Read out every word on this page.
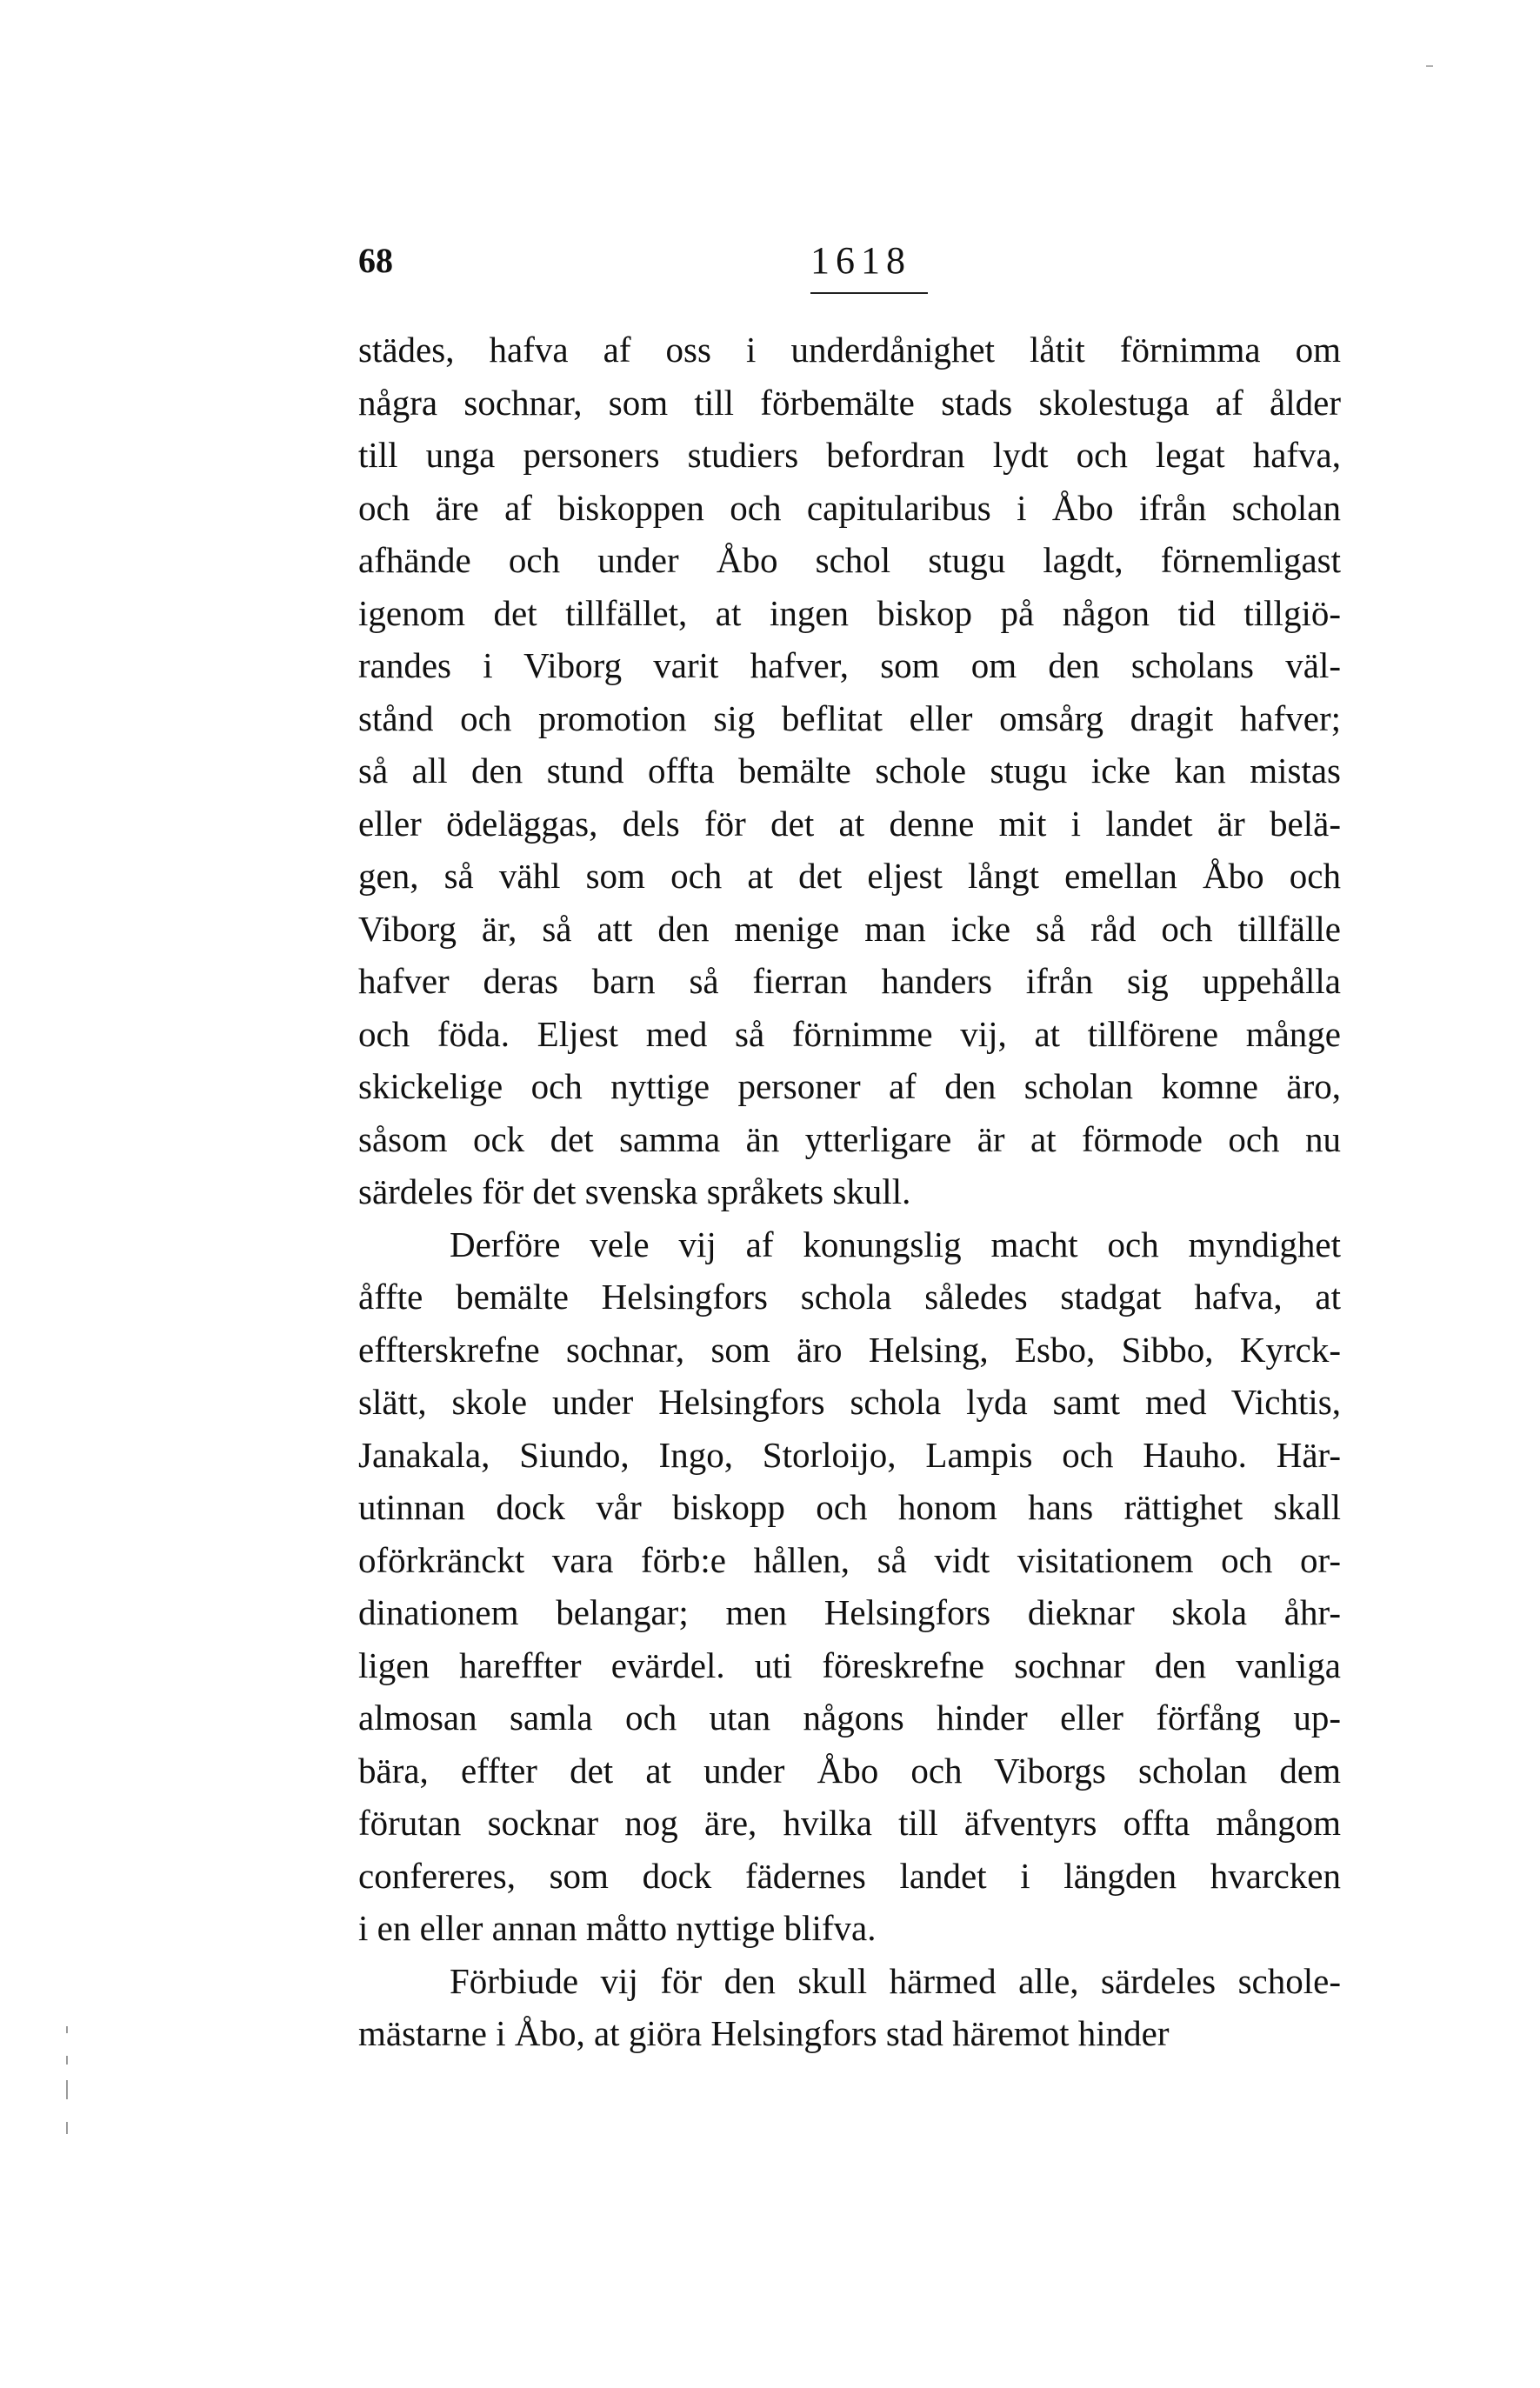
68	1618
städes, hafva af oss i underdånighet låtit förnimma om
några sochnar, som till förbemälte stads skolestuga af ålder
till unga personers studiers befordran lydt och legat hafva,
och äre af biskoppen och capitularibus i Åbo ifrån scholan
afhände och under Åbo schol stugu lagdt, förnemligast
igenom det tillfället, at ingen biskop på någon tid tillgiö-
randes i Viborg varit hafver, som om den scholans väl-
stånd och promotion sig beflitat eller omsårg dragit hafver;
så all den stund offta bemälte schole stugu icke kan mistas
eller ödeläggas, dels för det at denne mit i landet är belä-
gen, så vähl som och at det eljest långt emellan Åbo och
Viborg är, så att den menige man icke så råd och tillfälle
hafver deras barn så fierran handers ifrån sig uppehålla
och föda. Eljest med så förnimme vij, at tillförene månge
skickelige och nyttige personer af den scholan komne äro,
såsom ock det samma än ytterligare är at förmode och nu
särdeles för det svenska språkets skull.
Derföre vele vij af konungslig macht och myndighet
åffte bemälte Helsingfors schola således stadgat hafva, at
effterskrefne sochnar, som äro Helsing, Esbo, Sibbo, Kyrck-
slätt, skole under Helsingfors schola lyda samt med Vichtis,
Janakala, Siundo, Ingo, Storloijo, Lampis och Hauho. Här-
utinnan dock vår biskopp och honom hans rättighet skall
oförkränckt vara förb:e hållen, så vidt visitationem och or-
dinationem belangar; men Helsingfors dieknar skola åhr-
ligen hareffter evärdel. uti föreskrefne sochnar den vanliga
almosan samla och utan någons hinder eller förfång up-
bära, effter det at under Åbo och Viborgs scholan dem
förutan socknar nog äre, hvilka till äfventyrs offta mångom
confereres, som dock fädernes landet i längden hvarcken
i en eller annan måtto nyttige blifva.
Förbiude vij för den skull härmed alle, särdeles schole-
mästarne i Åbo, at giöra Helsingfors stad häremot hinder
